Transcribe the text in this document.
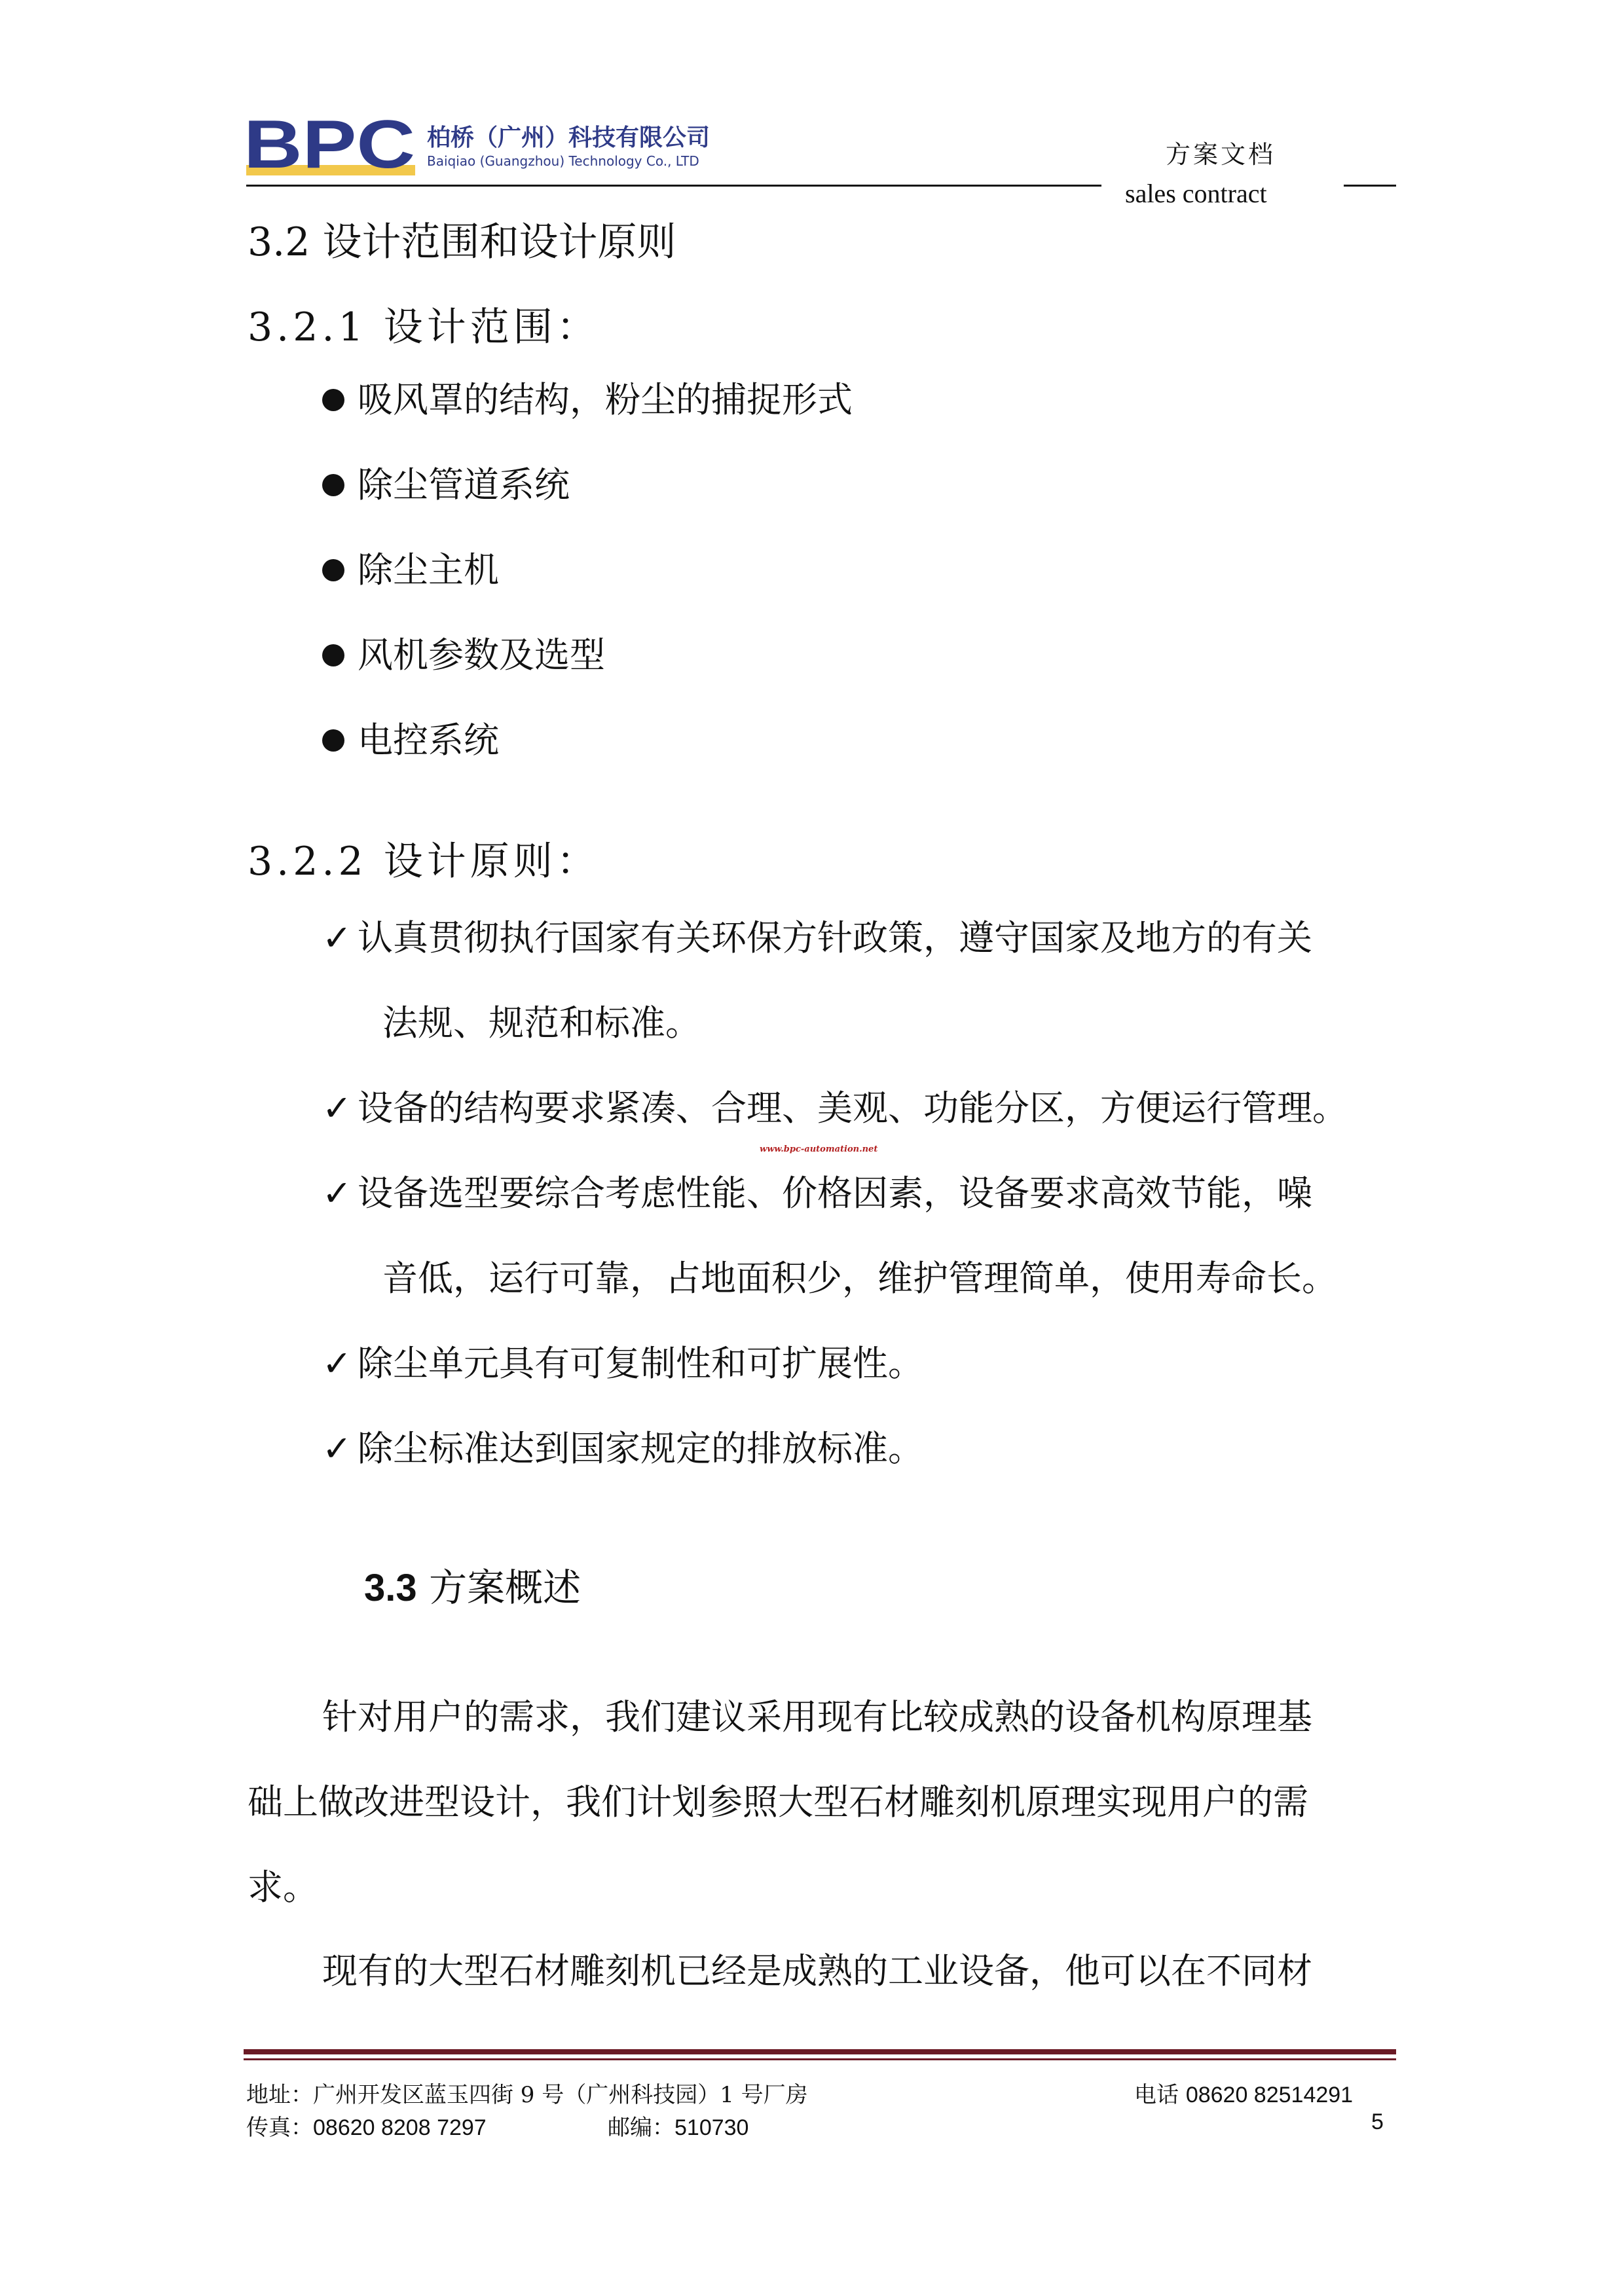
BPC 柏桥（广州）科技有限公司
Baiqiao (Guangzhou) Technology Co., LTD	方案文档
sales contract
3.2 设计范围和设计原则
3.2.1 设计范围：
吸风罩的结构，粉尘的捕捉形式
除尘管道系统
除尘主机
风机参数及选型
电控系统
3.2.2 设计原则：
✓ 认真贯彻执行国家有关环保方针政策，遵守国家及地方的有关
法规、规范和标准。
✓ 设备的结构要求紧凑、合理、美观、功能分区，方便运行管理。
www.bpc-automation.net
✓ 设备选型要综合考虑性能、价格因素，设备要求高效节能，噪
音低，运行可靠，占地面积少，维护管理简单，使用寿命长。
✓ 除尘单元具有可复制性和可扩展性。
✓ 除尘标准达到国家规定的排放标准。
3.3 方案概述
针对用户的需求，我们建议采用现有比较成熟的设备机构原理基
础上做改进型设计，我们计划参照大型石材雕刻机原理实现用户的需
求。
现有的大型石材雕刻机已经是成熟的工业设备，他可以在不同材
地址：广州开发区蓝玉四街 9 号（广州科技园）1 号厂房	电话 08620 82514291
传真：08620 8208 7297	邮编：510730	5
